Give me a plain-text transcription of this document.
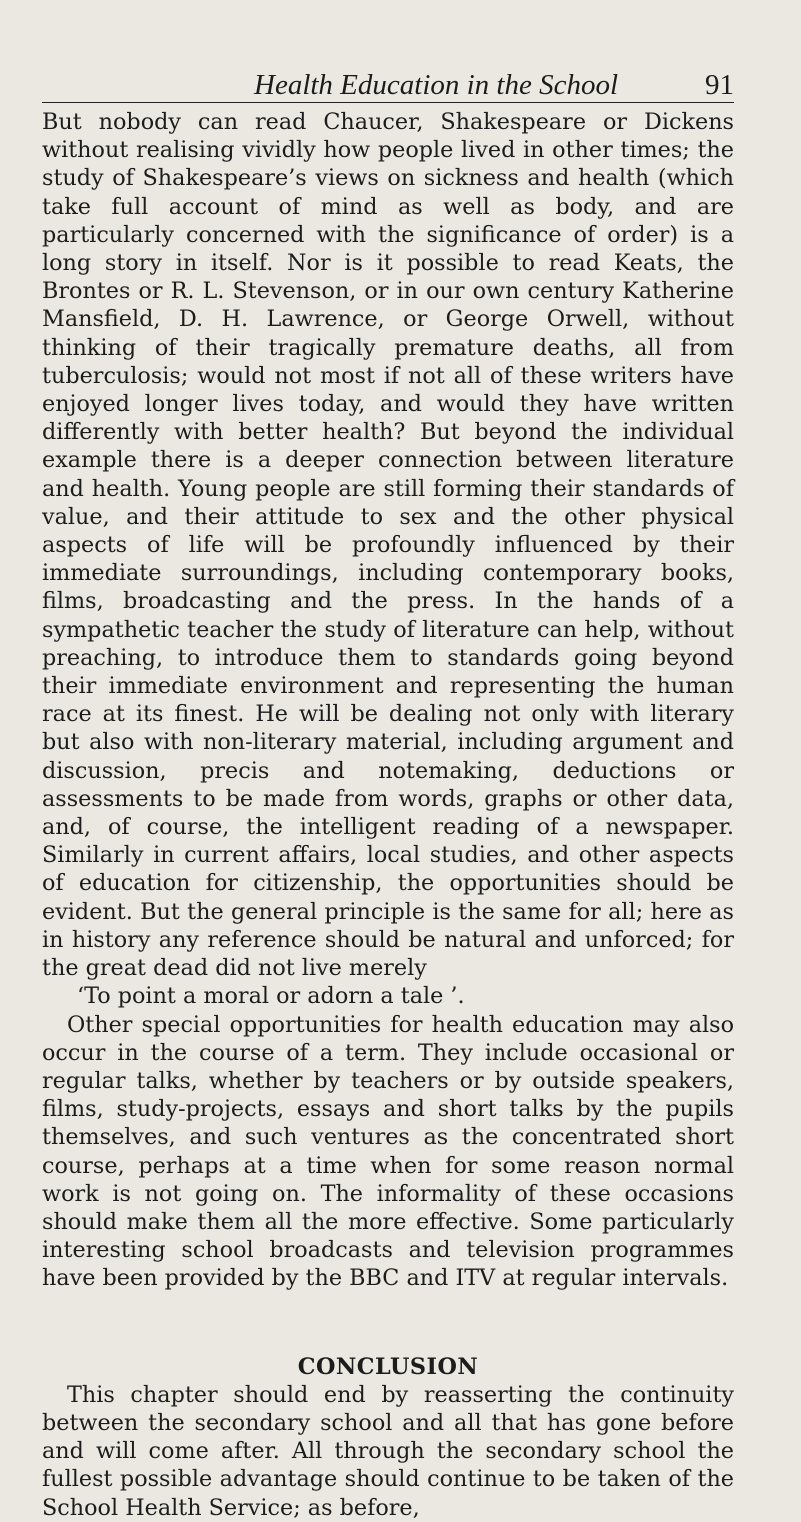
Health Education in the School	91

But nobody can read Chaucer, Shakespeare or Dickens without realising vividly how people lived in other times; the study of Shakespeare’s views on sickness and health (which take full account of mind as well as body, and are particularly concerned with the significance of order) is a long story in itself. Nor is it possible to read Keats, the Brontes or R. L. Stevenson, or in our own century Katherine Mansfield, D. H. Lawrence, or George Orwell, without thinking of their tragically premature deaths, all from tuberculosis; would not most if not all of these writers have enjoyed longer lives today, and would they have written differently with better health? But beyond the individual example there is a deeper connection between literature and health. Young people are still forming their standards of value, and their attitude to sex and the other physical aspects of life will be profoundly influenced by their immediate surroundings, including contemporary books, films, broadcasting and the press. In the hands of a sympathetic teacher the study of literature can help, without preaching, to introduce them to standards going beyond their immediate environment and representing the human race at its finest. He will be dealing not only with literary but also with non-literary material, including argument and discussion, precis and notemaking, deductions or assessments to be made from words, graphs or other data, and, of course, the intelligent reading of a newspaper. Similarly in current affairs, local studies, and other aspects of education for citizenship, the opportunities should be evident. But the general principle is the same for all; here as in history any reference should be natural and unforced; for the great dead did not live merely

‘To point a moral or adorn a tale ’.

Other special opportunities for health education may also occur in the course of a term. They include occasional or regular talks, whether by teachers or by outside speakers, films, study-projects, essays and short talks by the pupils themselves, and such ventures as the concentrated short course, perhaps at a time when for some reason normal work is not going on. The informality of these occasions should make them all the more effective. Some particularly interesting school broadcasts and television programmes have been provided by the BBC and ITV at regular intervals.

CONCLUSION

This chapter should end by reasserting the continuity between the secondary school and all that has gone before and will come after. All through the secondary school the fullest possible advantage should continue to be taken of the School Health Service; as before,
